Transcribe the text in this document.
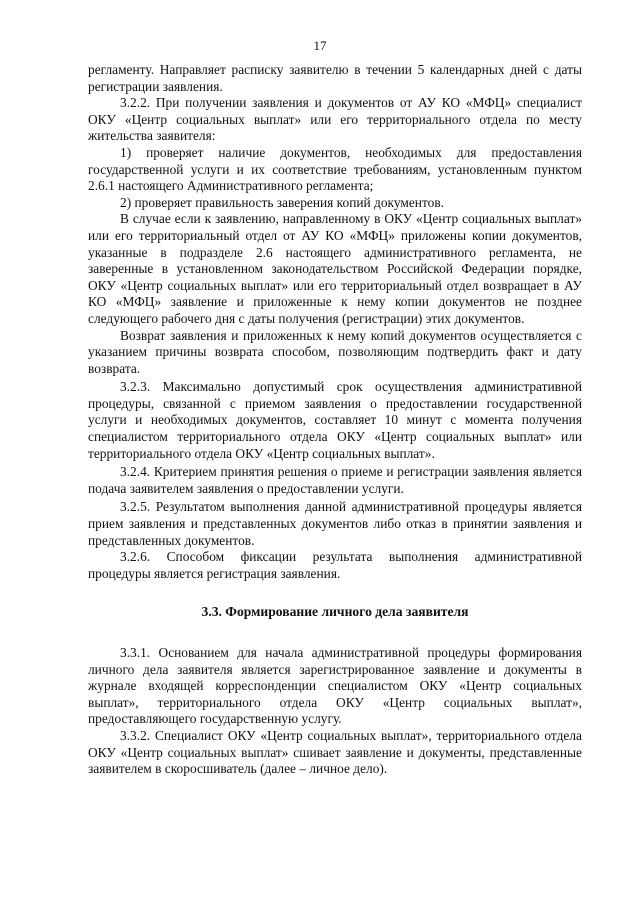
17

регламенту. Направляет расписку заявителю в течении 5 календарных дней с даты регистрации заявления.

3.2.2. При получении заявления и документов от АУ КО «МФЦ» специалист ОКУ «Центр социальных выплат» или его территориального отдела по месту жительства заявителя:

1) проверяет наличие документов, необходимых для предоставления государственной услуги и их соответствие требованиям, установленным пунктом 2.6.1 настоящего Административного регламента;

2) проверяет правильность заверения копий документов.

В случае если к заявлению, направленному в ОКУ «Центр социальных выплат» или его территориальный отдел от АУ КО «МФЦ» приложены копии документов, указанные в подразделе 2.6 настоящего административного регламента, не заверенные в установленном законодательством Российской Федерации порядке, ОКУ «Центр социальных выплат» или его территориальный отдел возвращает в АУ КО «МФЦ» заявление и приложенные к нему копии документов не позднее следующего рабочего дня с даты получения (регистрации) этих документов.

Возврат заявления и приложенных к нему копий документов осуществляется с указанием причины возврата способом, позволяющим подтвердить факт и дату возврата.

3.2.3. Максимально допустимый срок осуществления административной процедуры, связанной с приемом заявления о предоставлении государственной услуги и необходимых документов, составляет 10 минут с момента получения специалистом территориального отдела ОКУ «Центр социальных выплат» или территориального отдела ОКУ «Центр социальных выплат».

3.2.4. Критерием принятия решения о приеме и регистрации заявления является подача заявителем заявления о предоставлении услуги.

3.2.5. Результатом выполнения данной административной процедуры является прием заявления и представленных документов либо отказ в принятии заявления и представленных документов.

3.2.6. Способом фиксации результата выполнения административной процедуры является регистрация заявления.

3.3. Формирование личного дела заявителя

3.3.1. Основанием для начала административной процедуры формирования личного дела заявителя является зарегистрированное заявление и документы в журнале входящей корреспонденции специалистом ОКУ «Центр социальных выплат», территориального отдела ОКУ «Центр социальных выплат», предоставляющего государственную услугу.

3.3.2. Специалист ОКУ «Центр социальных выплат», территориального отдела ОКУ «Центр социальных выплат» сшивает заявление и документы, представленные заявителем в скоросшиватель (далее – личное дело).
